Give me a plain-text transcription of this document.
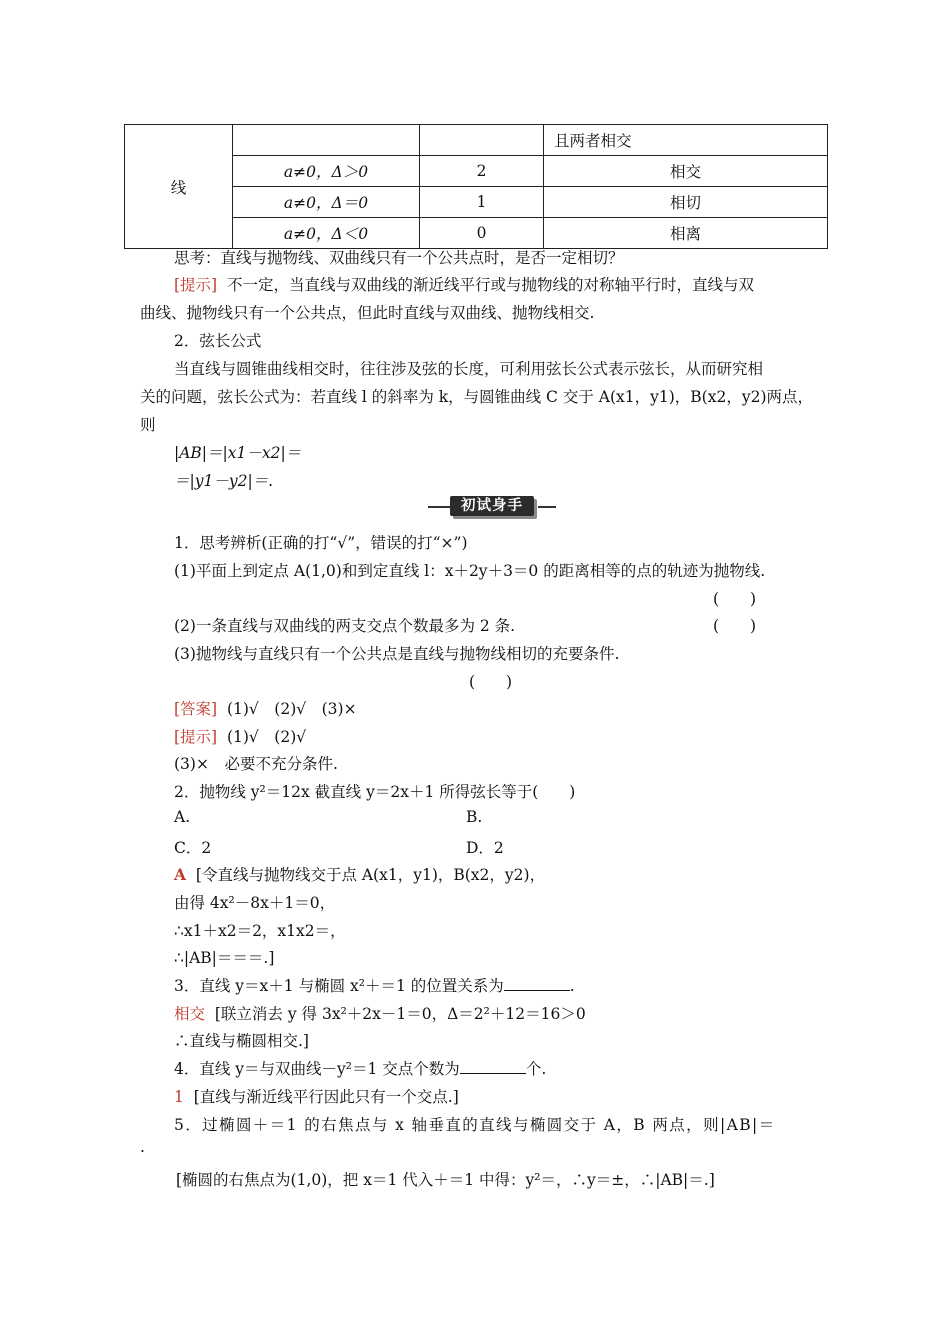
线			且两者相交
	a≠0，Δ＞0	2	相交
	a≠0，Δ＝0	1	相切
	a≠0，Δ＜0	0	相离
思考：直线与抛物线、双曲线只有一个公共点时，是否一定相切？
[提示] 不一定，当直线与双曲线的渐近线平行或与抛物线的对称轴平行时，直线与双
曲线、抛物线只有一个公共点，但此时直线与双曲线、抛物线相交.
2．弦长公式
当直线与圆锥曲线相交时，往往涉及弦的长度，可利用弦长公式表示弦长，从而研究相
关的问题，弦长公式为：若直线 l 的斜率为 k，与圆锥曲线 C 交于 A(x1，y1)，B(x2，y2)两点，
则
|AB|＝|x1－x2|＝
＝|y1－y2|＝.
初试身手
1．思考辨析(正确的打“√”，错误的打“×”)
(1)平面上到定点 A(1,0)和到定直线 l：x＋2y＋3＝0 的距离相等的点的轨迹为抛物线.
(　　)
(2)一条直线与双曲线的两支交点个数最多为 2 条.	(　　)
(3)抛物线与直线只有一个公共点是直线与抛物线相切的充要条件.
(　　)
[答案] (1)√　(2)√　(3)×
[提示] (1)√　(2)√
(3)×　必要不充分条件.
2．抛物线 y²＝12x 截直线 y＝2x＋1 所得弦长等于(　　)
A.	B.
C．2	D．2
A [令直线与抛物线交于点 A(x1，y1)，B(x2，y2)，
由得 4x²－8x＋1＝0，
∴x1＋x2＝2，x1x2＝，
∴|AB|＝＝＝.]
3．直线 y＝x＋1 与椭圆 x²＋＝1 的位置关系为	.
相交 [联立消去 y 得 3x²＋2x－1＝0，Δ＝2²＋12＝16＞0
∴直线与椭圆相交.]
4．直线 y＝与双曲线－y²＝1 交点个数为	个.
1 [直线与渐近线平行因此只有一个交点.]
5．过椭圆＋＝1 的右焦点与 x 轴垂直的直线与椭圆交于 A，B 两点，则|AB|＝
.
[椭圆的右焦点为(1,0)，把 x＝1 代入＋＝1 中得：y²＝，∴y＝±，∴|AB|＝.]
